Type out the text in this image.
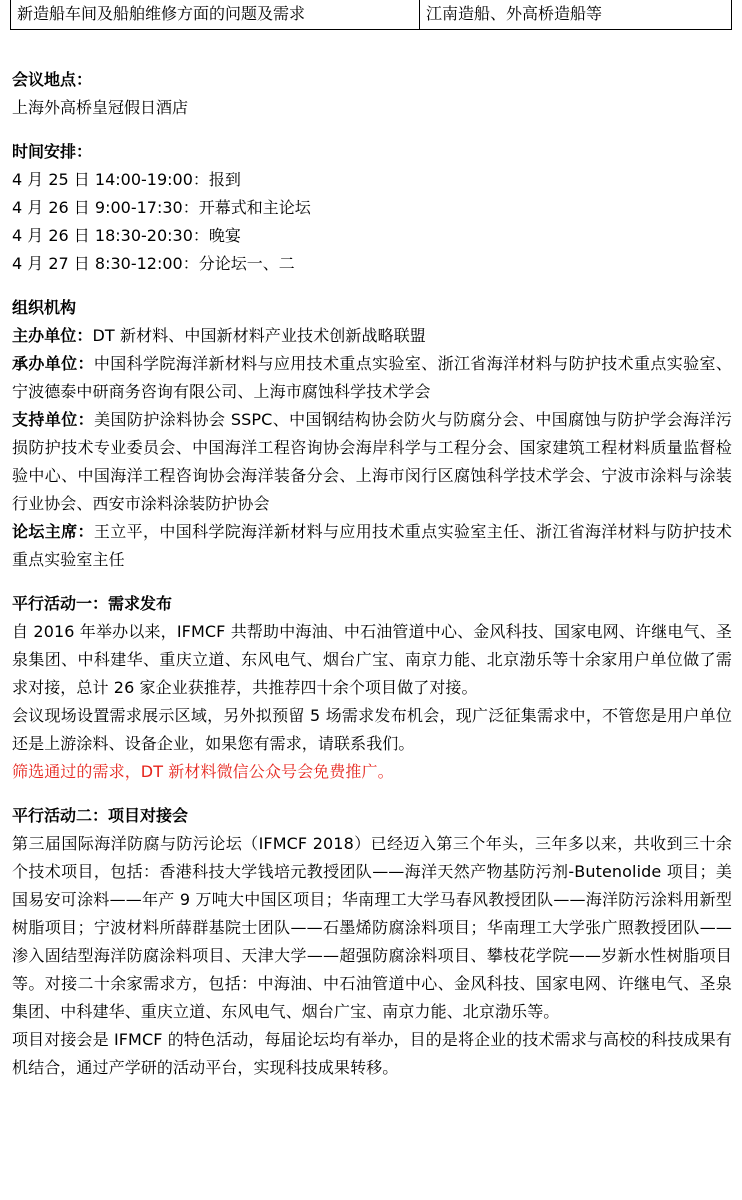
新造船车间及船舶维修方面的问题及需求	江南造船、外高桥造船等
会议地点：
上海外高桥皇冠假日酒店
时间安排：
4 月 25 日 14:00-19:00：报到
4 月 26 日 9:00-17:30：开幕式和主论坛
4 月 26 日 18:30-20:30：晚宴
4 月 27 日 8:30-12:00：分论坛一、二
组织机构
主办单位：DT 新材料、中国新材料产业技术创新战略联盟
承办单位：中国科学院海洋新材料与应用技术重点实验室、浙江省海洋材料与防护技术重点实验室、宁波德泰中研商务咨询有限公司、上海市腐蚀科学技术学会
支持单位：美国防护涂料协会 SSPC、中国钢结构协会防火与防腐分会、中国腐蚀与防护学会海洋污损防护技术专业委员会、中国海洋工程咨询协会海岸科学与工程分会、国家建筑工程材料质量监督检验中心、中国海洋工程咨询协会海洋装备分会、上海市闵行区腐蚀科学技术学会、宁波市涂料与涂装行业协会、西安市涂料涂装防护协会
论坛主席：王立平，中国科学院海洋新材料与应用技术重点实验室主任、浙江省海洋材料与防护技术重点实验室主任
平行活动一：需求发布
自 2016 年举办以来，IFMCF 共帮助中海油、中石油管道中心、金风科技、国家电网、许继电气、圣泉集团、中科建华、重庆立道、东风电气、烟台广宝、南京力能、北京渤乐等十余家用户单位做了需求对接，总计 26 家企业获推荐，共推荐四十余个项目做了对接。
会议现场设置需求展示区域，另外拟预留 5 场需求发布机会，现广泛征集需求中，不管您是用户单位还是上游涂料、设备企业，如果您有需求，请联系我们。
筛选通过的需求，DT 新材料微信公众号会免费推广。
平行活动二：项目对接会
第三届国际海洋防腐与防污论坛（IFMCF 2018）已经迈入第三个年头，三年多以来，共收到三十余个技术项目，包括：香港科技大学钱培元教授团队——海洋天然产物基防污剂-Butenolide 项目；美国易安可涂料——年产 9 万吨大中国区项目；华南理工大学马春风教授团队——海洋防污涂料用新型树脂项目；宁波材料所薛群基院士团队——石墨烯防腐涂料项目；华南理工大学张广照教授团队——渗入固结型海洋防腐涂料项目、天津大学——超强防腐涂料项目、攀枝花学院——岁新水性树脂项目等。对接二十余家需求方，包括：中海油、中石油管道中心、金风科技、国家电网、许继电气、圣泉集团、中科建华、重庆立道、东风电气、烟台广宝、南京力能、北京渤乐等。
项目对接会是 IFMCF 的特色活动，每届论坛均有举办，目的是将企业的技术需求与高校的科技成果有机结合，通过产学研的活动平台，实现科技成果转移。
